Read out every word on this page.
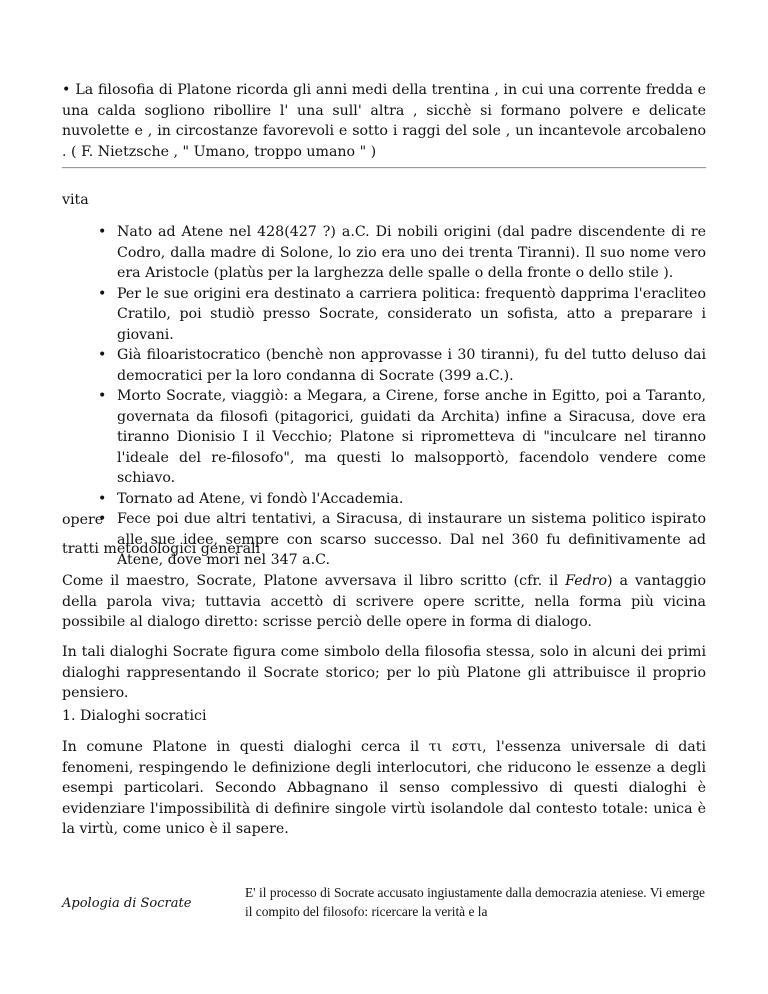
• La filosofia di Platone ricorda gli anni medi della trentina , in cui una corrente fredda e una calda sogliono ribollire l' una sull' altra , sicchè si formano polvere e delicate nuvolette e , in circostanze favorevoli e sotto i raggi del sole , un incantevole arcobaleno . ( F. Nietzsche , " Umano, troppo umano " )
vita
• Nato ad Atene nel 428(427 ?) a.C. Di nobili origini (dal padre discendente di re Codro, dalla madre di Solone, lo zio era uno dei trenta Tiranni). Il suo nome vero era Aristocle (platùs per la larghezza delle spalle o della fronte o dello stile ).
• Per le sue origini era destinato a carriera politica: frequentò dapprima l'eracliteo Cratilo, poi studiò presso Socrate, considerato un sofista, atto a preparare i giovani.
• Già filoaristocratico (benchè non approvasse i 30 tiranni), fu del tutto deluso dai democratici per la loro condanna di Socrate (399 a.C.).
• Morto Socrate, viaggiò: a Megara, a Cirene, forse anche in Egitto, poi a Taranto, governata da filosofi (pitagorici, guidati da Archita) infine a Siracusa, dove era tiranno Dionisio I il Vecchio; Platone si riprometteva di "inculcare nel tiranno l'ideale del re-filosofo", ma questi lo malsopportò, facendolo vendere come schiavo.
• Tornato ad Atene, vi fondò l'Accademia.
• Fece poi due altri tentativi, a Siracusa, di instaurare un sistema politico ispirato alle sue idee, sempre con scarso successo. Dal nel 360 fu definitivamente ad Atene, dove morì nel 347 a.C.
opere
tratti metodologici generali

Come il maestro, Socrate, Platone avversava il libro scritto (cfr. il Fedro) a vantaggio della parola viva; tuttavia accettò di scrivere opere scritte, nella forma più vicina possibile al dialogo diretto: scrisse perciò delle opere in forma di dialogo.

In tali dialoghi Socrate figura come simbolo della filosofia stessa, solo in alcuni dei primi dialoghi rappresentando il Socrate storico; per lo più Platone gli attribuisce il proprio pensiero.

1. Dialoghi socratici

In comune Platone in questi dialoghi cerca il τι εστι, l'essenza universale di dati fenomeni, respingendo le definizione degli interlocutori, che riducono le essenze a degli esempi particolari. Secondo Abbagnano il senso complessivo di questi dialoghi è evidenziare l'impossibilità di definire singole virtù isolandole dal contesto totale: unica è la virtù, come unico è il sapere.

Apologia di Socrate
E' il processo di Socrate accusato ingiustamente dalla democrazia ateniese. Vi emerge il compito del filosofo: ricercare la verità e la
